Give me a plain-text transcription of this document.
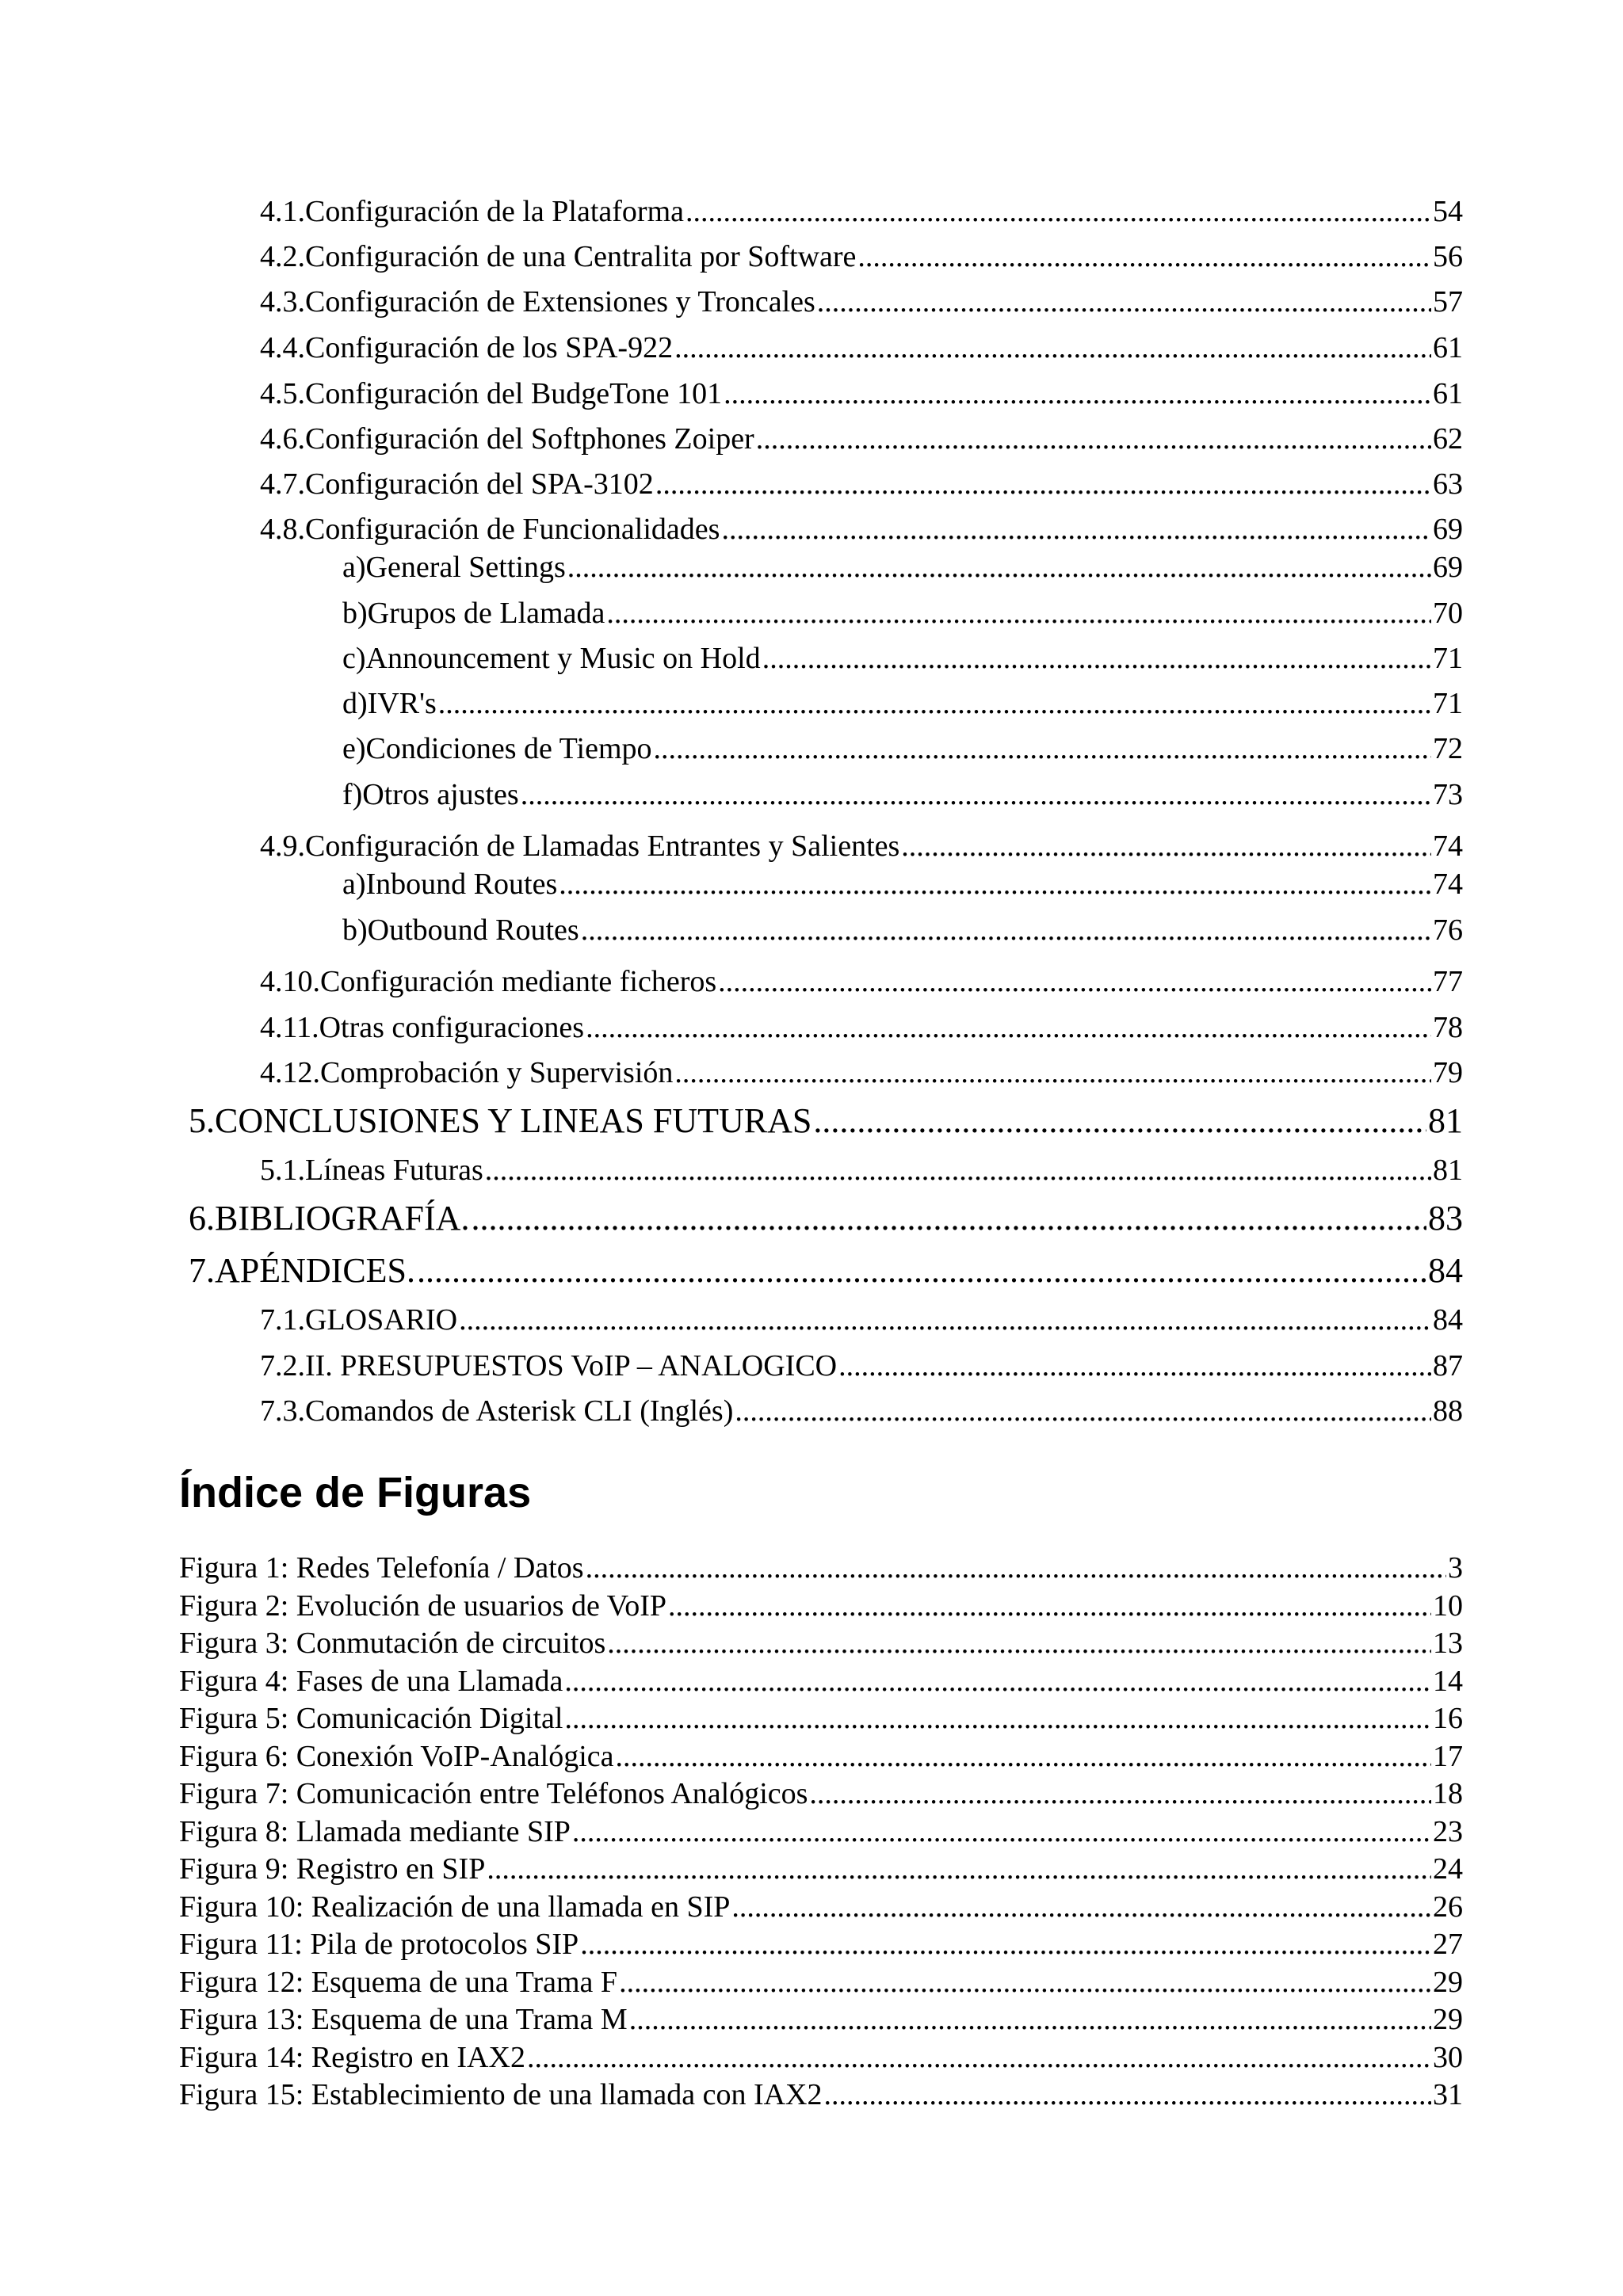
4.1.Configuración de la Plataforma .....	54
4.2.Configuración de una Centralita por Software .....	56
4.3.Configuración de Extensiones y Troncales .....	57
4.4.Configuración de los SPA-922 .....	61
4.5.Configuración del BudgeTone 101 .....	61
4.6.Configuración del Softphones Zoiper .....	62
4.7.Configuración del SPA-3102 .....	63
4.8.Configuración de Funcionalidades .....	69
a)General Settings .....	69
b)Grupos de Llamada .....	70
c)Announcement y Music on Hold .....	71
d)IVR's .....	71
e)Condiciones de Tiempo .....	72
f)Otros ajustes .....	73
4.9.Configuración de Llamadas Entrantes y Salientes .....	74
a)Inbound Routes .....	74
b)Outbound Routes .....	76
4.10.Configuración mediante ficheros .....	77
4.11.Otras configuraciones .....	78
4.12.Comprobación y Supervisión .....	79
5.CONCLUSIONES Y LINEAS FUTURAS .....	81
5.1.Líneas Futuras .....	81
6.BIBLIOGRAFÍA. .....	83
7.APÉNDICES. .....	84
7.1.GLOSARIO .....	84
7.2.II. PRESUPUESTOS VoIP – ANALOGICO .....	87
7.3.Comandos de Asterisk CLI (Inglés) .....	88
Índice de Figuras
Figura 1: Redes Telefonía / Datos .....	3
Figura 2: Evolución de usuarios de VoIP .....	10
Figura 3: Conmutación de circuitos .....	13
Figura 4: Fases de una Llamada .....	14
Figura 5: Comunicación Digital .....	16
Figura 6: Conexión VoIP-Analógica .....	17
Figura 7: Comunicación entre Teléfonos Analógicos .....	18
Figura 8: Llamada mediante SIP .....	23
Figura 9: Registro en SIP .....	24
Figura 10: Realización de una llamada en SIP .....	26
Figura 11: Pila de protocolos SIP .....	27
Figura 12: Esquema de una Trama F .....	29
Figura 13: Esquema de una Trama M .....	29
Figura 14: Registro en IAX2 .....	30
Figura 15: Establecimiento de una llamada con IAX2 .....	31
